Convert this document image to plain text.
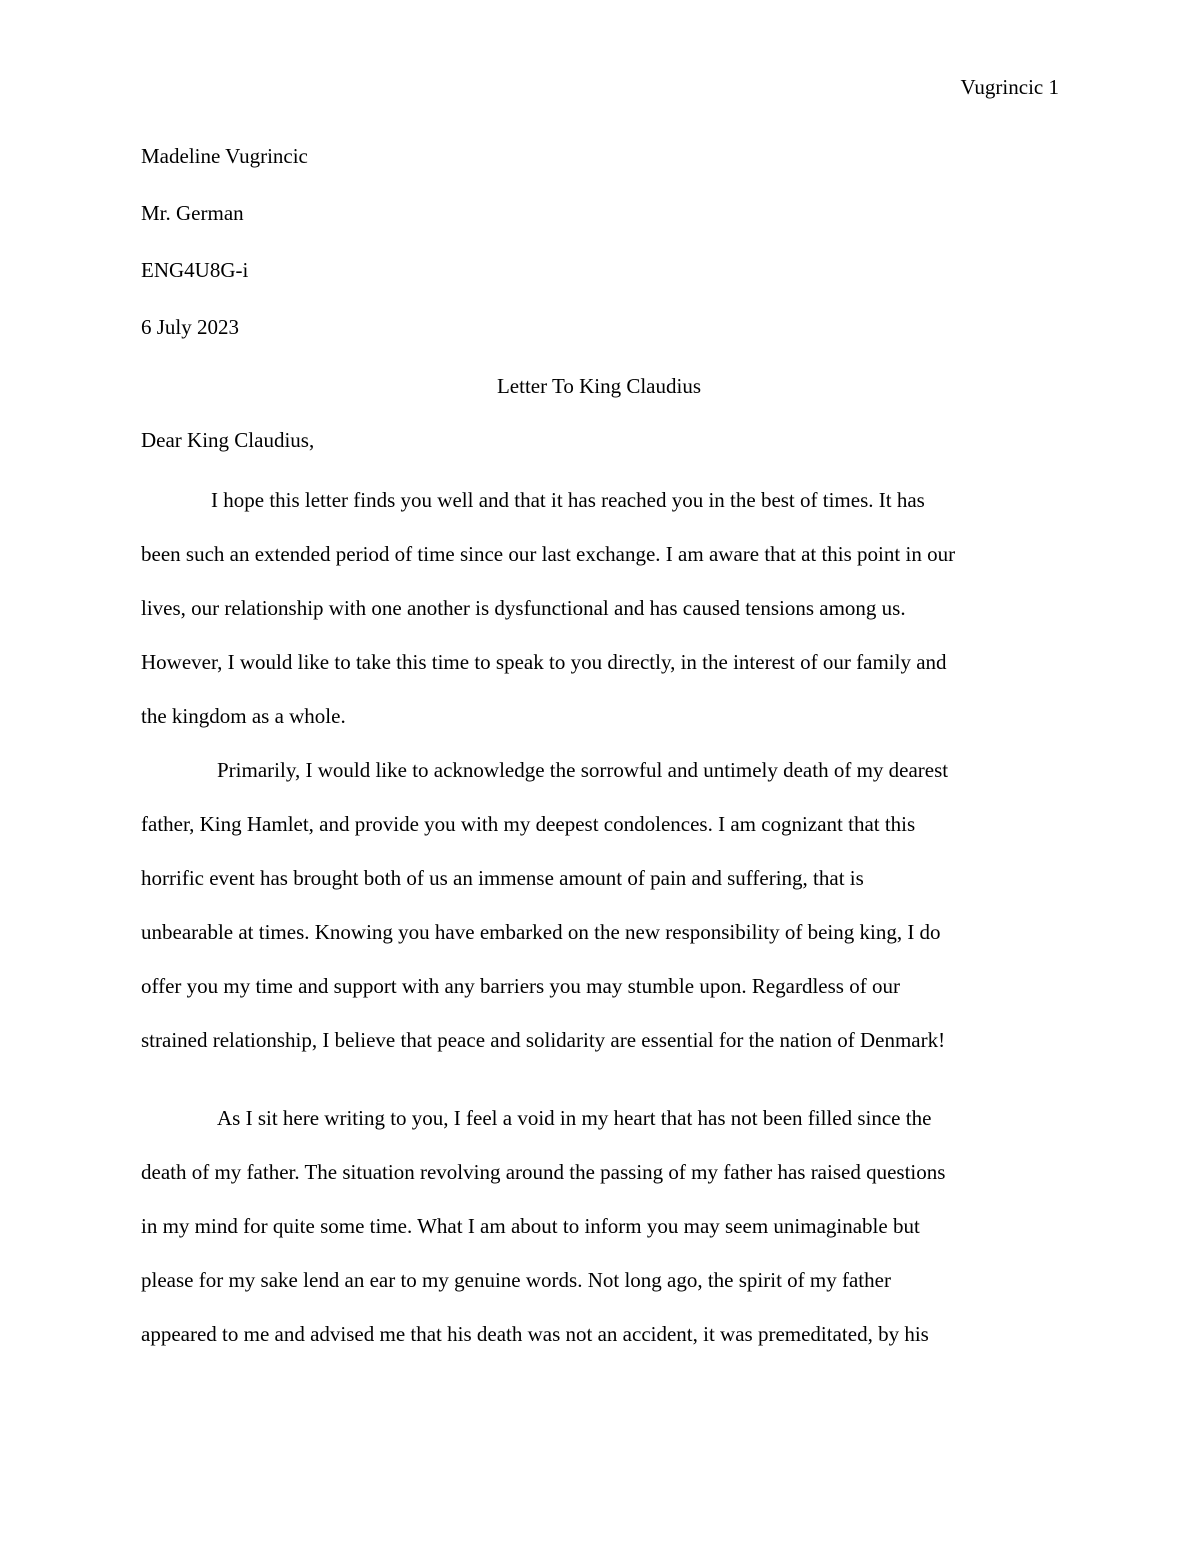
Vugrincic 1

Madeline Vugrincic

Mr. German

ENG4U8G-i

6 July 2023

Letter To King Claudius

Dear King Claudius,

I hope this letter finds you well and that it has reached you in the best of times. It has
been such an extended period of time since our last exchange. I am aware that at this point in our
lives, our relationship with one another is dysfunctional and has caused tensions among us.
However, I would like to take this time to speak to you directly, in the interest of our family and
the kingdom as a whole.
Primarily, I would like to acknowledge the sorrowful and untimely death of my dearest
father, King Hamlet, and provide you with my deepest condolences. I am cognizant that this
horrific event has brought both of us an immense amount of pain and suffering, that is
unbearable at times. Knowing you have embarked on the new responsibility of being king, I do
offer you my time and support with any barriers you may stumble upon. Regardless of our
strained relationship, I believe that peace and solidarity are essential for the nation of Denmark!
As I sit here writing to you, I feel a void in my heart that has not been filled since the
death of my father. The situation revolving around the passing of my father has raised questions
in my mind for quite some time. What I am about to inform you may seem unimaginable but
please for my sake lend an ear to my genuine words. Not long ago, the spirit of my father
appeared to me and advised me that his death was not an accident, it was premeditated, by his
